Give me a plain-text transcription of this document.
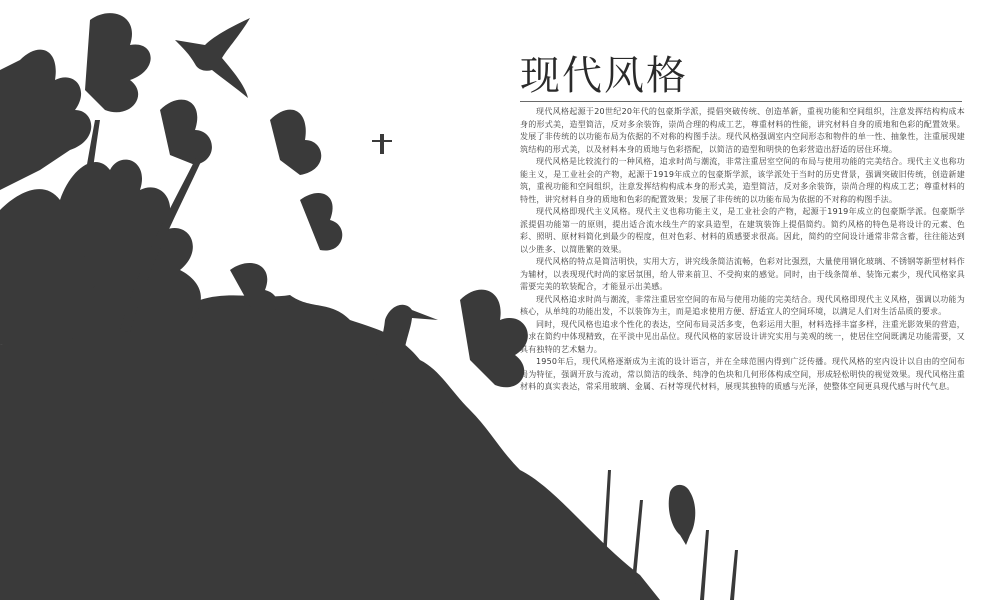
现代风格

现代风格起源于20世纪20年代的包豪斯学派，提倡突破传统、创造革新，重视功能和空间组织，注意发挥结构构成本身的形式美，造型简洁，反对多余装饰，崇尚合理的构成工艺，尊重材料的性能，讲究材料自身的质地和色彩的配置效果。发展了非传统的以功能布局为依据的不对称的构图手法。现代风格强调室内空间形态和物件的单一性、抽象性，注重展现建筑结构的形式美，以及材料本身的质地与色彩搭配，以简洁的造型和明快的色彩营造出舒适的居住环境。

现代风格是比较流行的一种风格，追求时尚与潮流，非常注重居室空间的布局与使用功能的完美结合。现代主义也称功能主义，是工业社会的产物，起源于1919年成立的包豪斯学派，该学派处于当时的历史背景，强调突破旧传统，创造新建筑，重视功能和空间组织，注意发挥结构构成本身的形式美，造型简洁，反对多余装饰，崇尚合理的构成工艺；尊重材料的特性，讲究材料自身的质地和色彩的配置效果；发展了非传统的以功能布局为依据的不对称的构图手法。

现代风格即现代主义风格。现代主义也称功能主义，是工业社会的产物，起源于1919年成立的包豪斯学派。包豪斯学派提倡功能第一的原则，提出适合流水线生产的家具造型，在建筑装饰上提倡简约。简约风格的特色是将设计的元素、色彩、照明、原材料简化到最少的程度，但对色彩、材料的质感要求很高。因此，简约的空间设计通常非常含蓄，往往能达到以少胜多、以简胜繁的效果。

现代风格的特点是简洁明快，实用大方，讲究线条简洁流畅，色彩对比强烈，大量使用钢化玻璃、不锈钢等新型材料作为辅材，以表现现代时尚的家居氛围，给人带来前卫、不受拘束的感觉。同时，由于线条简单、装饰元素少，现代风格家具需要完美的软装配合，才能显示出美感。

现代风格追求时尚与潮流，非常注重居室空间的布局与使用功能的完美结合。现代风格即现代主义风格，强调以功能为核心，从单纯的功能出发，不以装饰为主，而是追求使用方便、舒适宜人的空间环境，以满足人们对生活品质的要求。

同时，现代风格也追求个性化的表达，空间布局灵活多变，色彩运用大胆，材料选择丰富多样，注重光影效果的营造，力求在简约中体现精致，在平淡中见出品位。现代风格的家居设计讲究实用与美观的统一，使居住空间既满足功能需要，又具有独特的艺术魅力。

1950年后，现代风格逐渐成为主流的设计语言，并在全球范围内得到广泛传播。现代风格的室内设计以自由的空间布局为特征，强调开放与流动，常以简洁的线条、纯净的色块和几何形体构成空间，形成轻松明快的视觉效果。现代风格注重材料的真实表达，常采用玻璃、金属、石材等现代材料，展现其独特的质感与光泽，使整体空间更具现代感与时代气息。
